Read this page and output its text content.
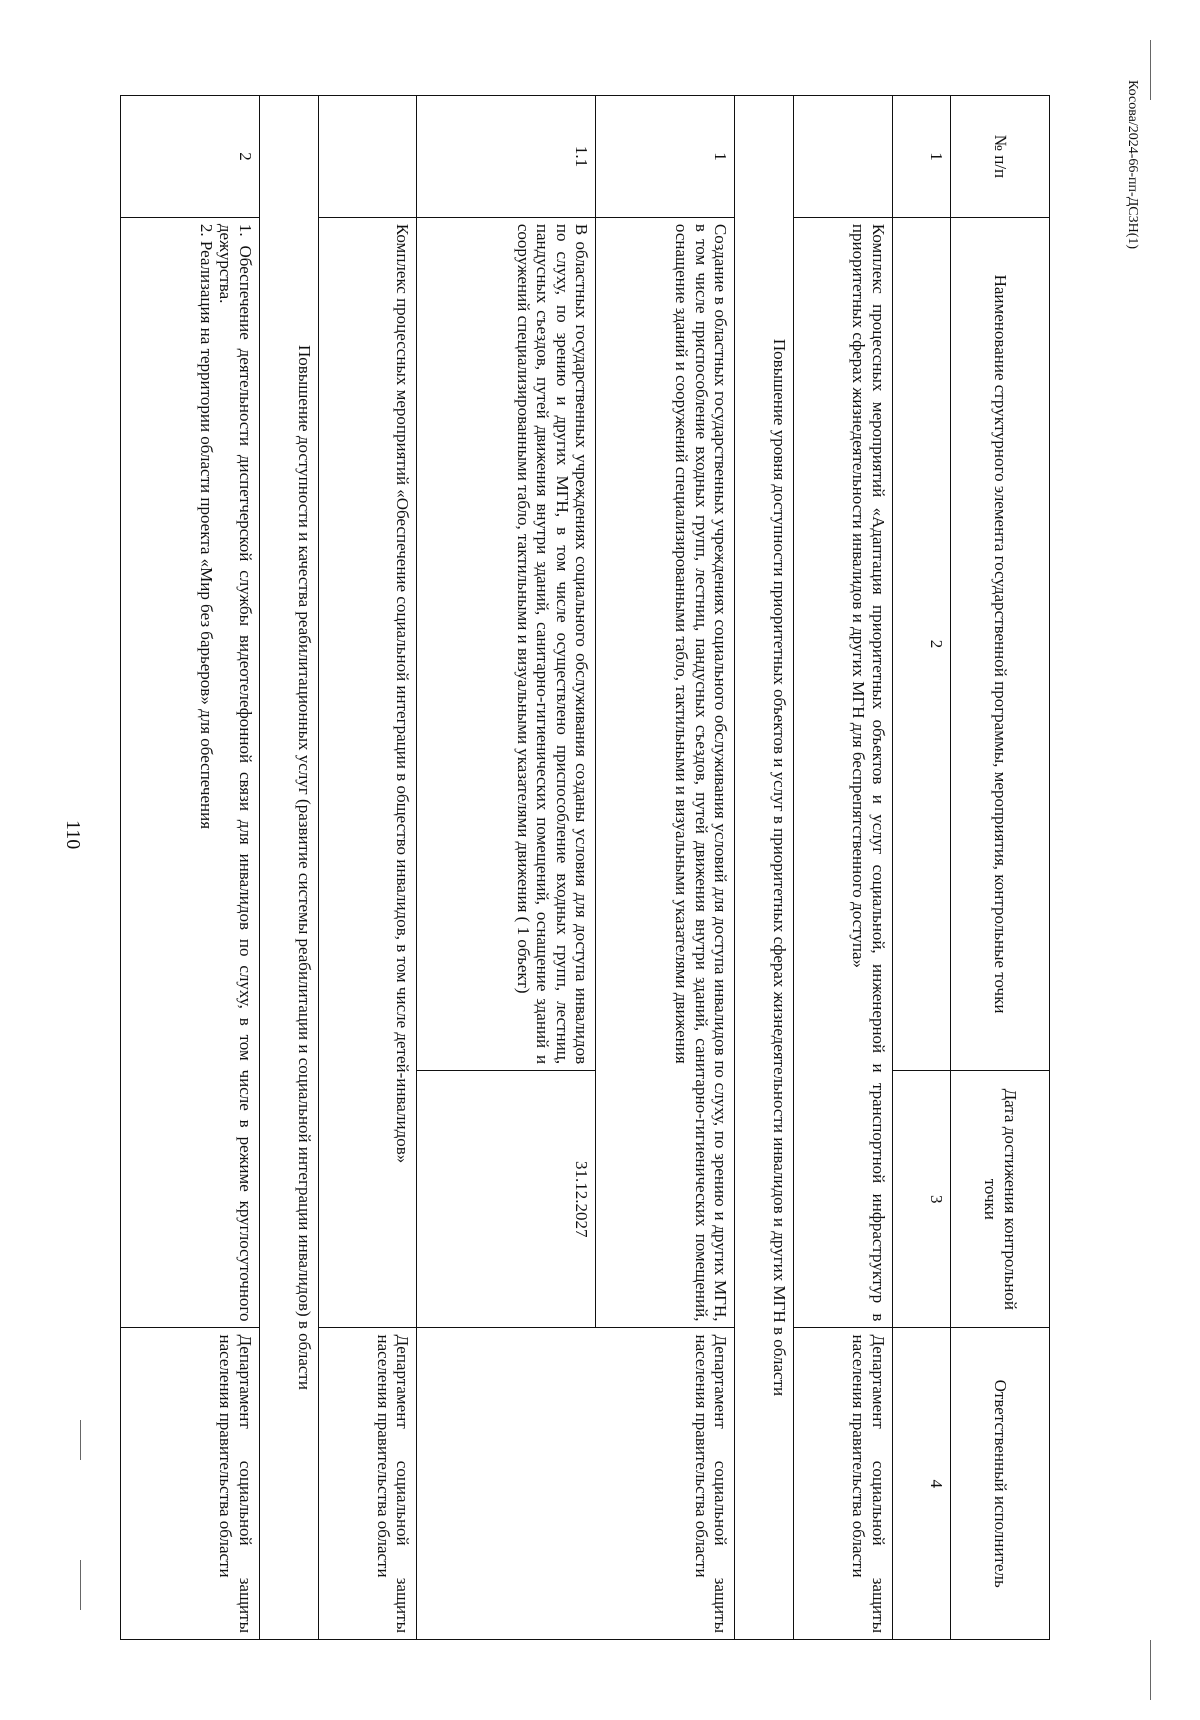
110
Косова/2024-66-пп-ДСЗН(1)
№ п/п	Наименование структурного элемента государственной программы, мероприятия, контрольные точки	Дата достижения контрольной точки	Ответственный исполнитель
1	2	3	4
	Комплекс процессных мероприятий «Адаптация приоритетных объектов и услуг социальной, инженерной и транспортной инфраструктур в приоритетных сферах жизнедеятельности инвалидов и других МГН для беспрепятственного доступа»		Департамент социальной защиты населения правительства области
Повышение уровня доступности приоритетных объектов и услуг в приоритетных сферах жизнедеятельности инвалидов и других МГН в области			
1	Создание в областных государственных учреждениях социального обслуживания условий для доступа инвалидов по слуху, по зрению и других МГН, в том числе приспособление входных групп, лестниц, пандусных съездов, путей движения внутри зданий, санитарно-гигиенических помещений, оснащение зданий и сооружений специализированными табло, тактильными и визуальными указателями движения		Департамент социальной защиты населения правительства области
1.1	В областных государственных учреждениях социального обслуживания созданы условия для доступа инвалидов по слуху, по зрению и других МГН, в том числе осуществлено приспособление входных групп, лестниц, пандусных съездов, путей движения внутри зданий, санитарно-гигиенических помещений, оснащение зданий и сооружений специализированными табло, тактильными и визуальными указателями движения ( 1 объект)	31.12.2027	
	Комплекс процессных мероприятий «Обеспечение социальной интеграции в общество инвалидов, в том числе детей-инвалидов»		Департамент социальной защиты населения правительства области
Повышение доступности и качества реабилитационных услуг (развитие системы реабилитации и социальной интеграции инвалидов) в области			
2	1. Обеспечение деятельности диспетчерской службы видеотелефонной связи для инвалидов по слуху, в том числе в режиме круглосуточного дежурства.
2. Реализация на территории области проекта «Мир без барьеров» для обеспечения		Департамент социальной защиты населения правительства области
